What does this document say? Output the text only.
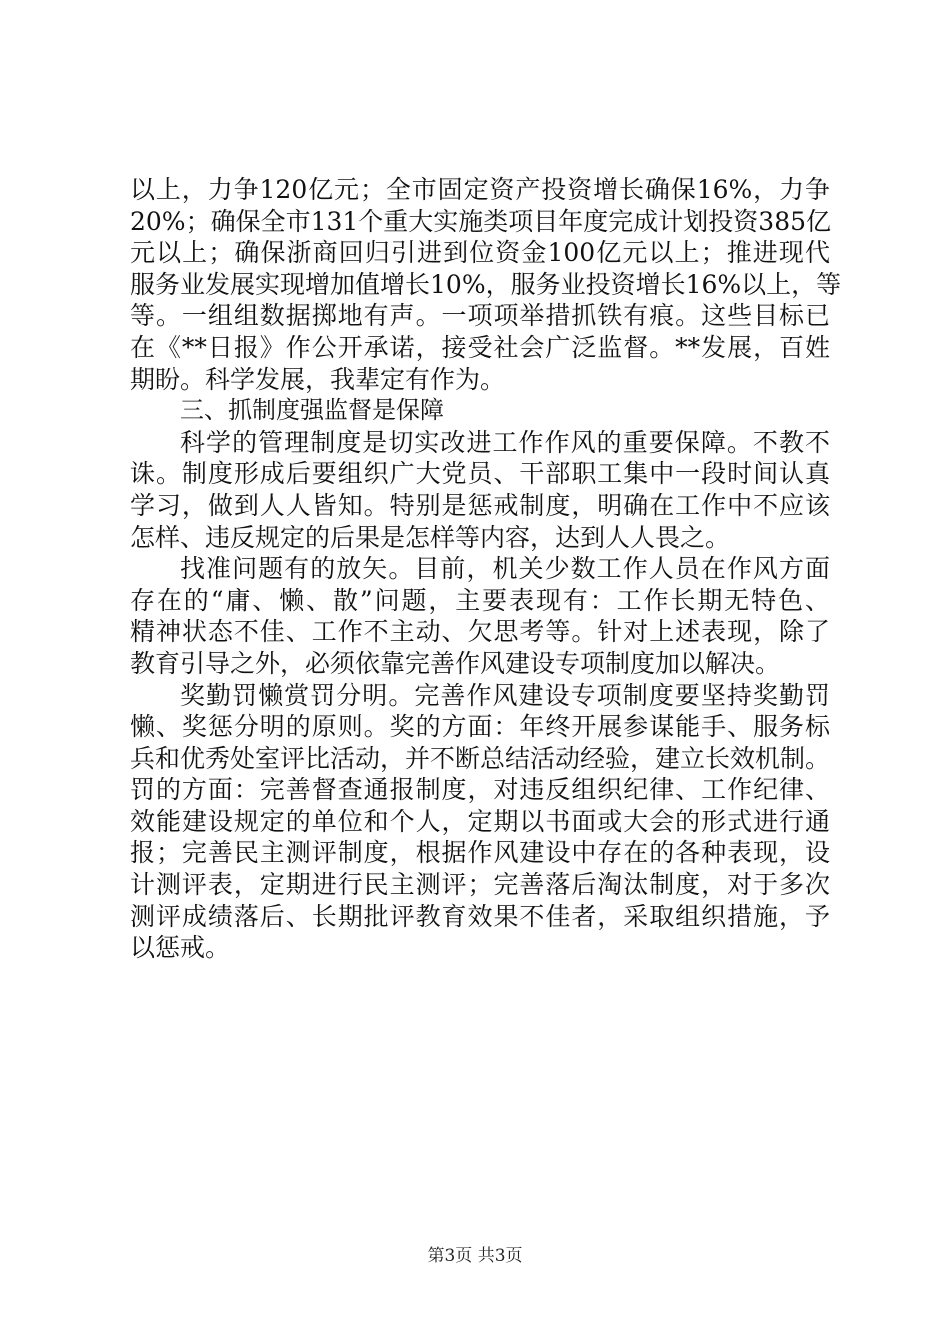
以上，力争120亿元；全市固定资产投资增长确保16%，力争
20%；确保全市131个重大实施类项目年度完成计划投资385亿
元以上；确保浙商回归引进到位资金100亿元以上；推进现代
服务业发展实现增加值增长10%，服务业投资增长16%以上，等
等。一组组数据掷地有声。一项项举措抓铁有痕。这些目标已
在《**日报》作公开承诺，接受社会广泛监督。**发展，百姓
期盼。科学发展，我辈定有作为。
三、抓制度强监督是保障
科学的管理制度是切实改进工作作风的重要保障。不教不
诛。制度形成后要组织广大党员、干部职工集中一段时间认真
学习，做到人人皆知。特别是惩戒制度，明确在工作中不应该
怎样、违反规定的后果是怎样等内容，达到人人畏之。
找准问题有的放矢。目前，机关少数工作人员在作风方面
存在的“庸、懒、散”问题，主要表现有：工作长期无特色、
精神状态不佳、工作不主动、欠思考等。针对上述表现，除了
教育引导之外，必须依靠完善作风建设专项制度加以解决。
奖勤罚懒赏罚分明。完善作风建设专项制度要坚持奖勤罚
懒、奖惩分明的原则。奖的方面：年终开展参谋能手、服务标
兵和优秀处室评比活动，并不断总结活动经验，建立长效机制。
罚的方面：完善督查通报制度，对违反组织纪律、工作纪律、
效能建设规定的单位和个人，定期以书面或大会的形式进行通
报；完善民主测评制度，根据作风建设中存在的各种表现，设
计测评表，定期进行民主测评；完善落后淘汰制度，对于多次
测评成绩落后、长期批评教育效果不佳者，采取组织措施，予
以惩戒。
第3页 共3页
